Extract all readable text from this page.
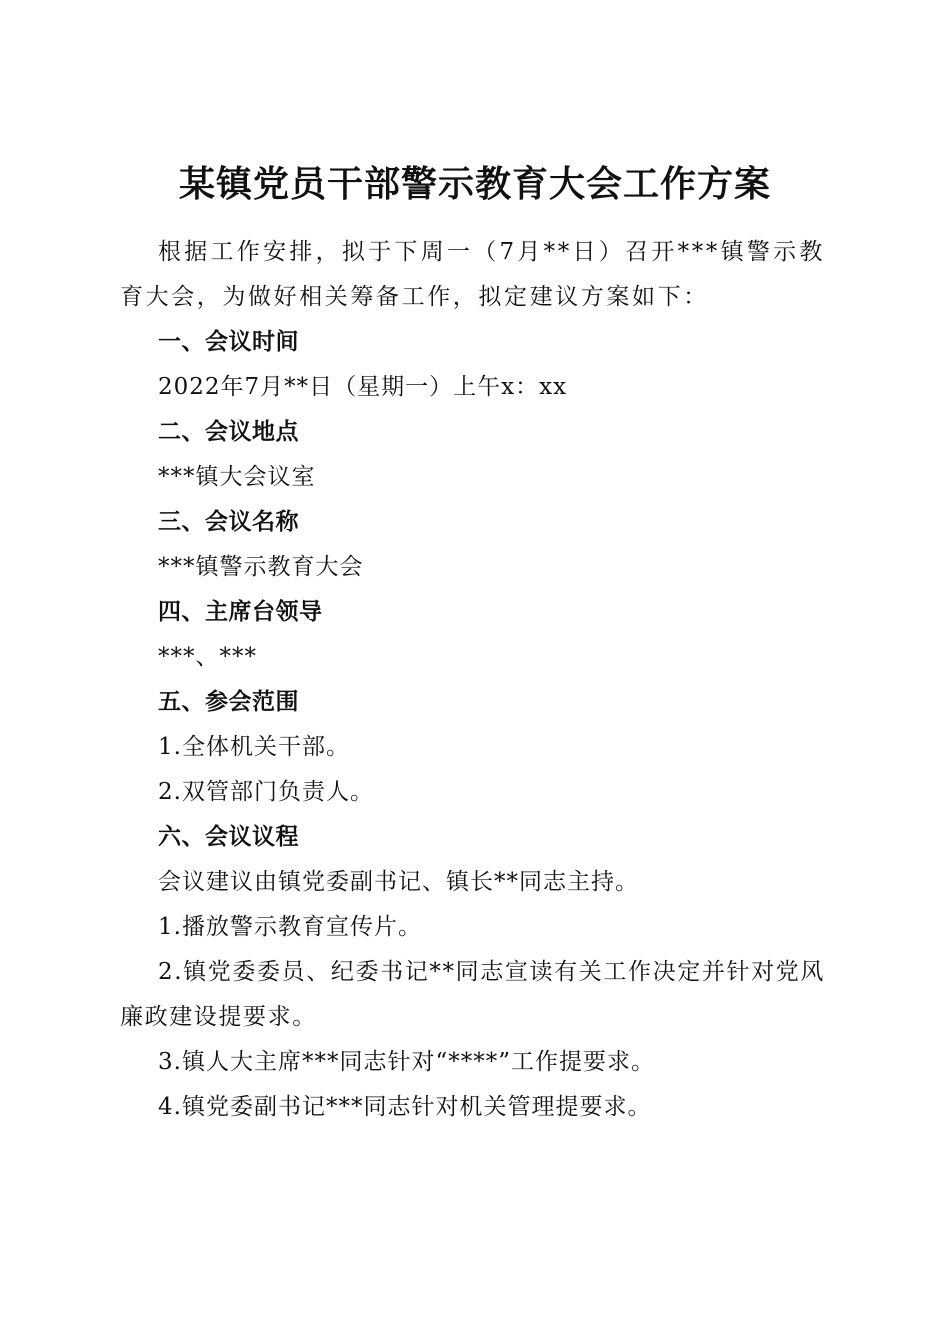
某镇党员干部警示教育大会工作方案

根据工作安排，拟于下周一（7月**日）召开***镇警示教育大会，为做好相关筹备工作，拟定建议方案如下：

一、会议时间

2022年7月**日（星期一）上午x：xx

二、会议地点

***镇大会议室

三、会议名称

***镇警示教育大会

四、主席台领导

***、***

五、参会范围

1.全体机关干部。

2.双管部门负责人。

六、会议议程

会议建议由镇党委副书记、镇长**同志主持。

1.播放警示教育宣传片。

2.镇党委委员、纪委书记**同志宣读有关工作决定并针对党风廉政建设提要求。

3.镇人大主席***同志针对“****”工作提要求。

4.镇党委副书记***同志针对机关管理提要求。
